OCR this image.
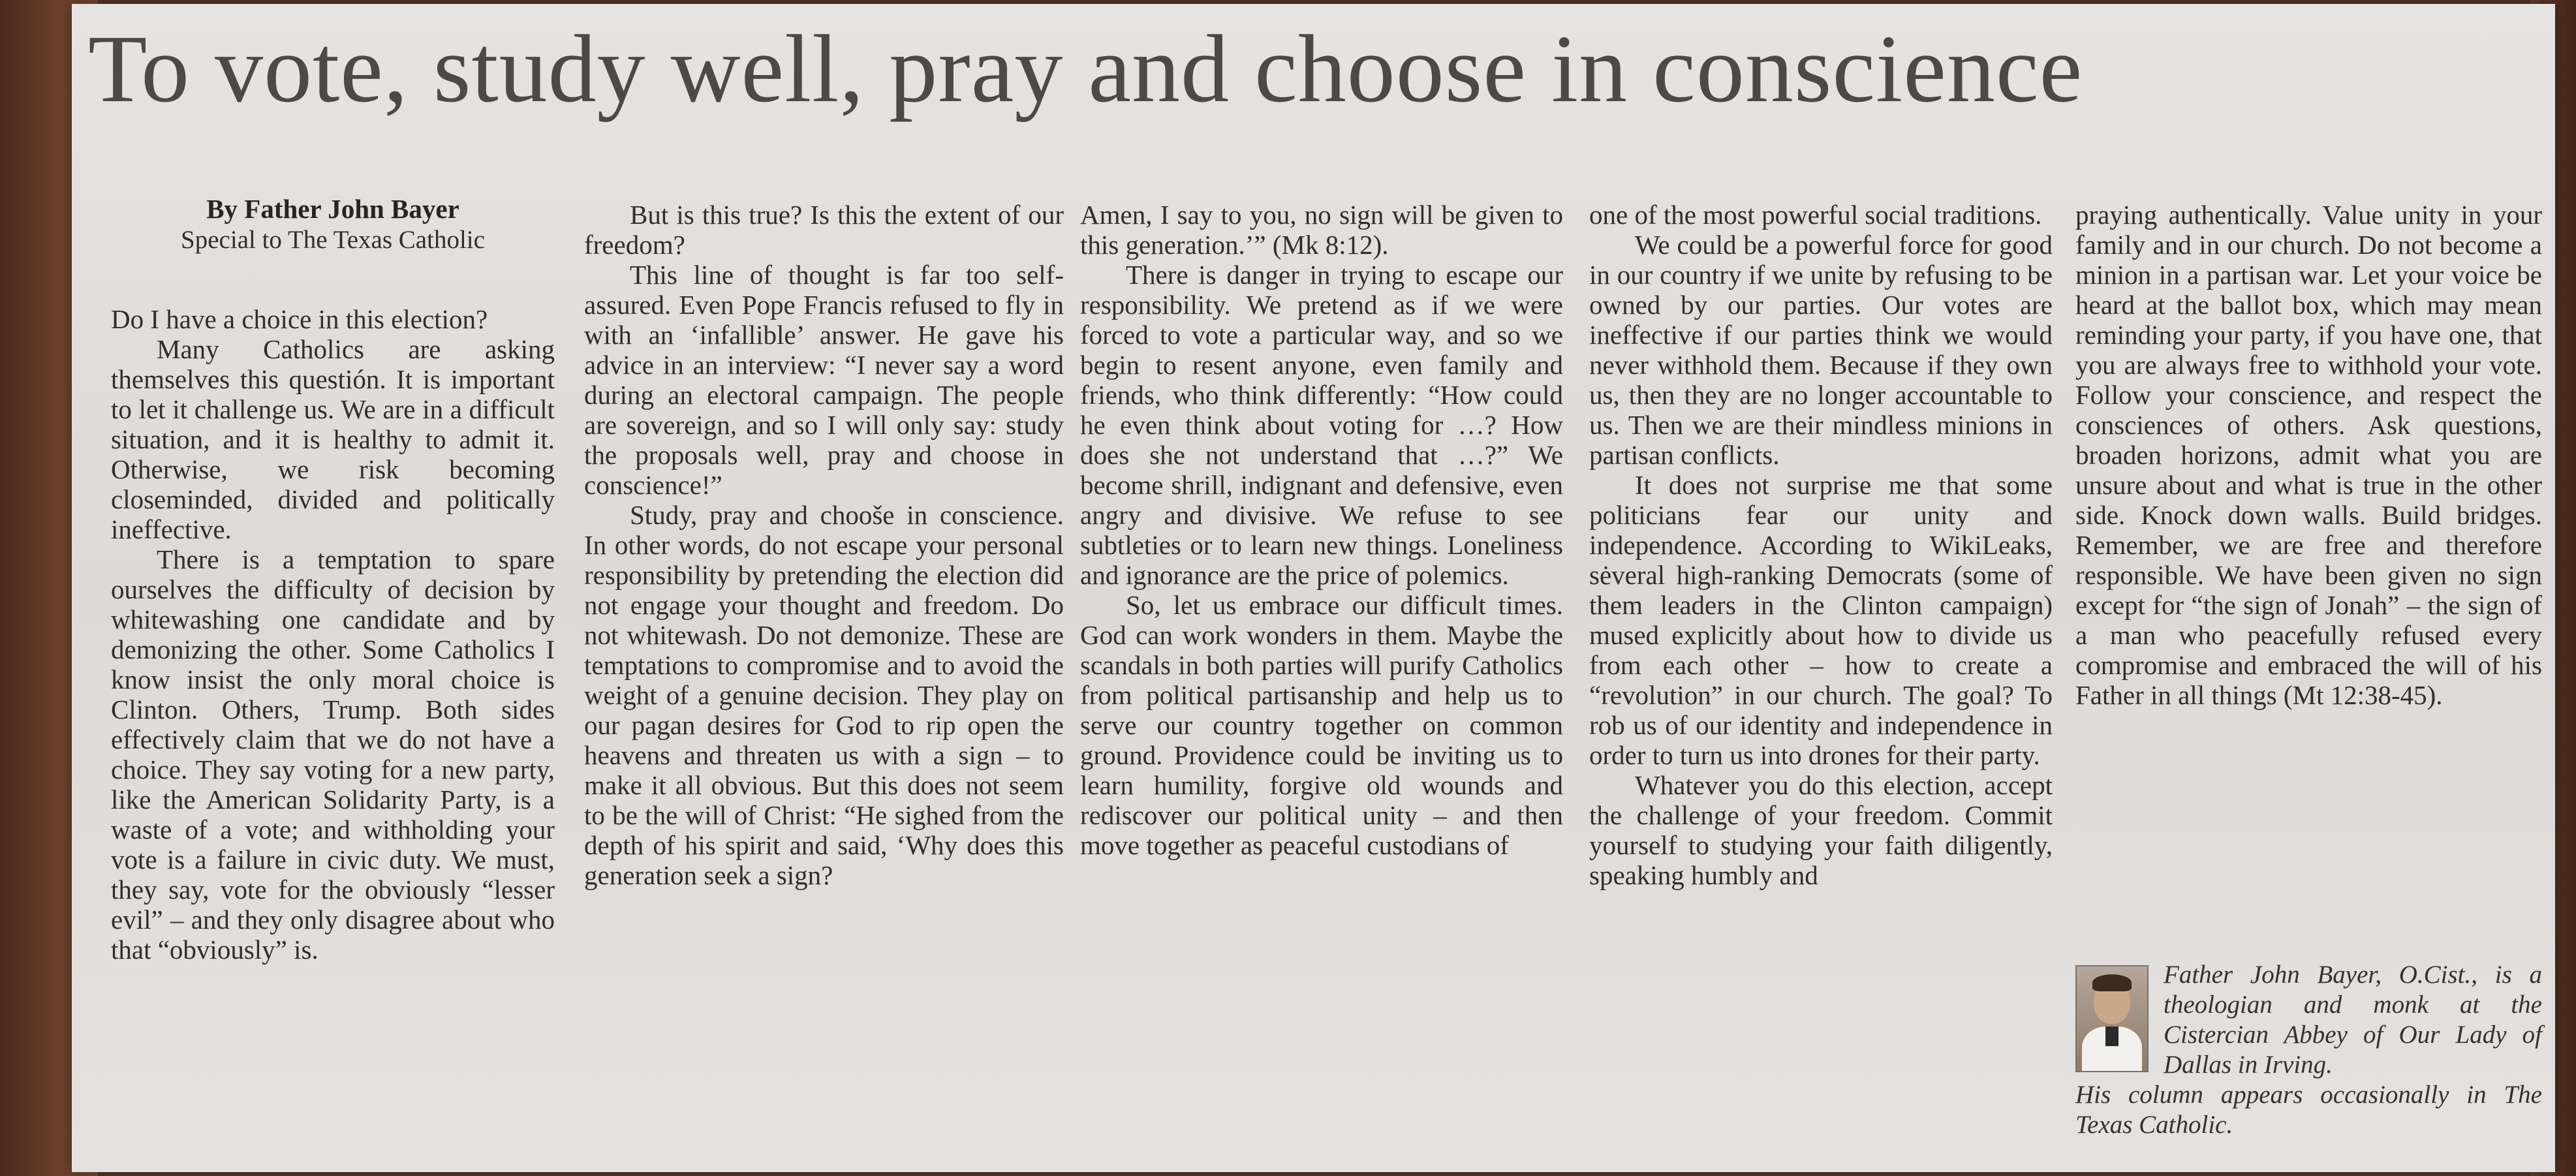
To vote, study well, pray and choose in conscience

By Father John Bayer

Special to The Texas Catholic

Do I have a choice in this election?

Many Catholics are asking themselves this questión. It is important to let it challenge us. We are in a difficult situation, and it is healthy to admit it. Otherwise, we risk becoming closeminded, divided and politically ineffective.

There is a temptation to spare ourselves the difficulty of decision by whitewashing one candidate and by demonizing the other. Some Catholics I know insist the only moral choice is Clinton. Others, Trump. Both sides effectively claim that we do not have a choice. They say voting for a new party, like the American Solidarity Party, is a waste of a vote; and withholding your vote is a failure in civic duty. We must, they say, vote for the obviously “lesser evil” – and they only disagree about who that “obviously” is.

But is this true? Is this the extent of our freedom?

This line of thought is far too self-assured. Even Pope Francis refused to fly in with an ‘infallible’ answer. He gave his advice in an interview: “I never say a word during an electoral campaign. The people are sovereign, and so I will only say: study the proposals well, pray and choose in conscience!”

Study, pray and chooše in conscience. In other words, do not escape your personal responsibility by pretending the election did not engage your thought and freedom. Do not whitewash. Do not demonize. These are temptations to compromise and to avoid the weight of a genuine decision. They play on our pagan desires for God to rip open the heavens and threaten us with a sign – to make it all obvious. But this does not seem to be the will of Christ: “He sighed from the depth of his spirit and said, ‘Why does this generation seek a sign?

Amen, I say to you, no sign will be given to this generation.’” (Mk 8:12).

There is danger in trying to escape our responsibility. We pretend as if we were forced to vote a particular way, and so we begin to resent anyone, even family and friends, who think differently: “How could he even think about voting for …? How does she not understand that …?” We become shrill, indignant and defensive, even angry and divisive. We refuse to see subtleties or to learn new things. Loneliness and ignorance are the price of polemics.

So, let us embrace our difficult times. God can work wonders in them. Maybe the scandals in both parties will purify Catholics from political partisanship and help us to serve our country together on common ground. Providence could be inviting us to learn humility, forgive old wounds and rediscover our political unity – and then move together as peaceful custodians of

one of the most powerful social traditions.

We could be a powerful force for good in our country if we unite by refusing to be owned by our parties. Our votes are ineffective if our parties think we would never withhold them. Because if they own us, then they are no longer accountable to us. Then we are their mindless minions in partisan conflicts.

It does not surprise me that some politicians fear our unity and independence. According to WikiLeaks, sėveral high-ranking Democrats (some of them leaders in the Clinton campaign) mused explicitly about how to divide us from each other – how to create a “revolution” in our church. The goal? To rob us of our identity and independence in order to turn us into drones for their party.

Whatever you do this election, accept the challenge of your freedom. Commit yourself to studying your faith diligently, speaking humbly and

praying authentically. Value unity in your family and in our church. Do not become a minion in a partisan war. Let your voice be heard at the ballot box, which may mean reminding your party, if you have one, that you are always free to withhold your vote. Follow your conscience, and respect the consciences of others. Ask questions, broaden horizons, admit what you are unsure about and what is true in the other side. Knock down walls. Build bridges. Remember, we are free and therefore responsible. We have been given no sign except for “the sign of Jonah” – the sign of a man who peacefully refused every compromise and embraced the will of his Father in all things (Mt 12:38-45).

Father John Bayer, O.Cist., is a theologian and monk at the Cistercian Abbey of Our Lady of Dallas in Irving.
His column appears occasionally in The Texas Catholic.
